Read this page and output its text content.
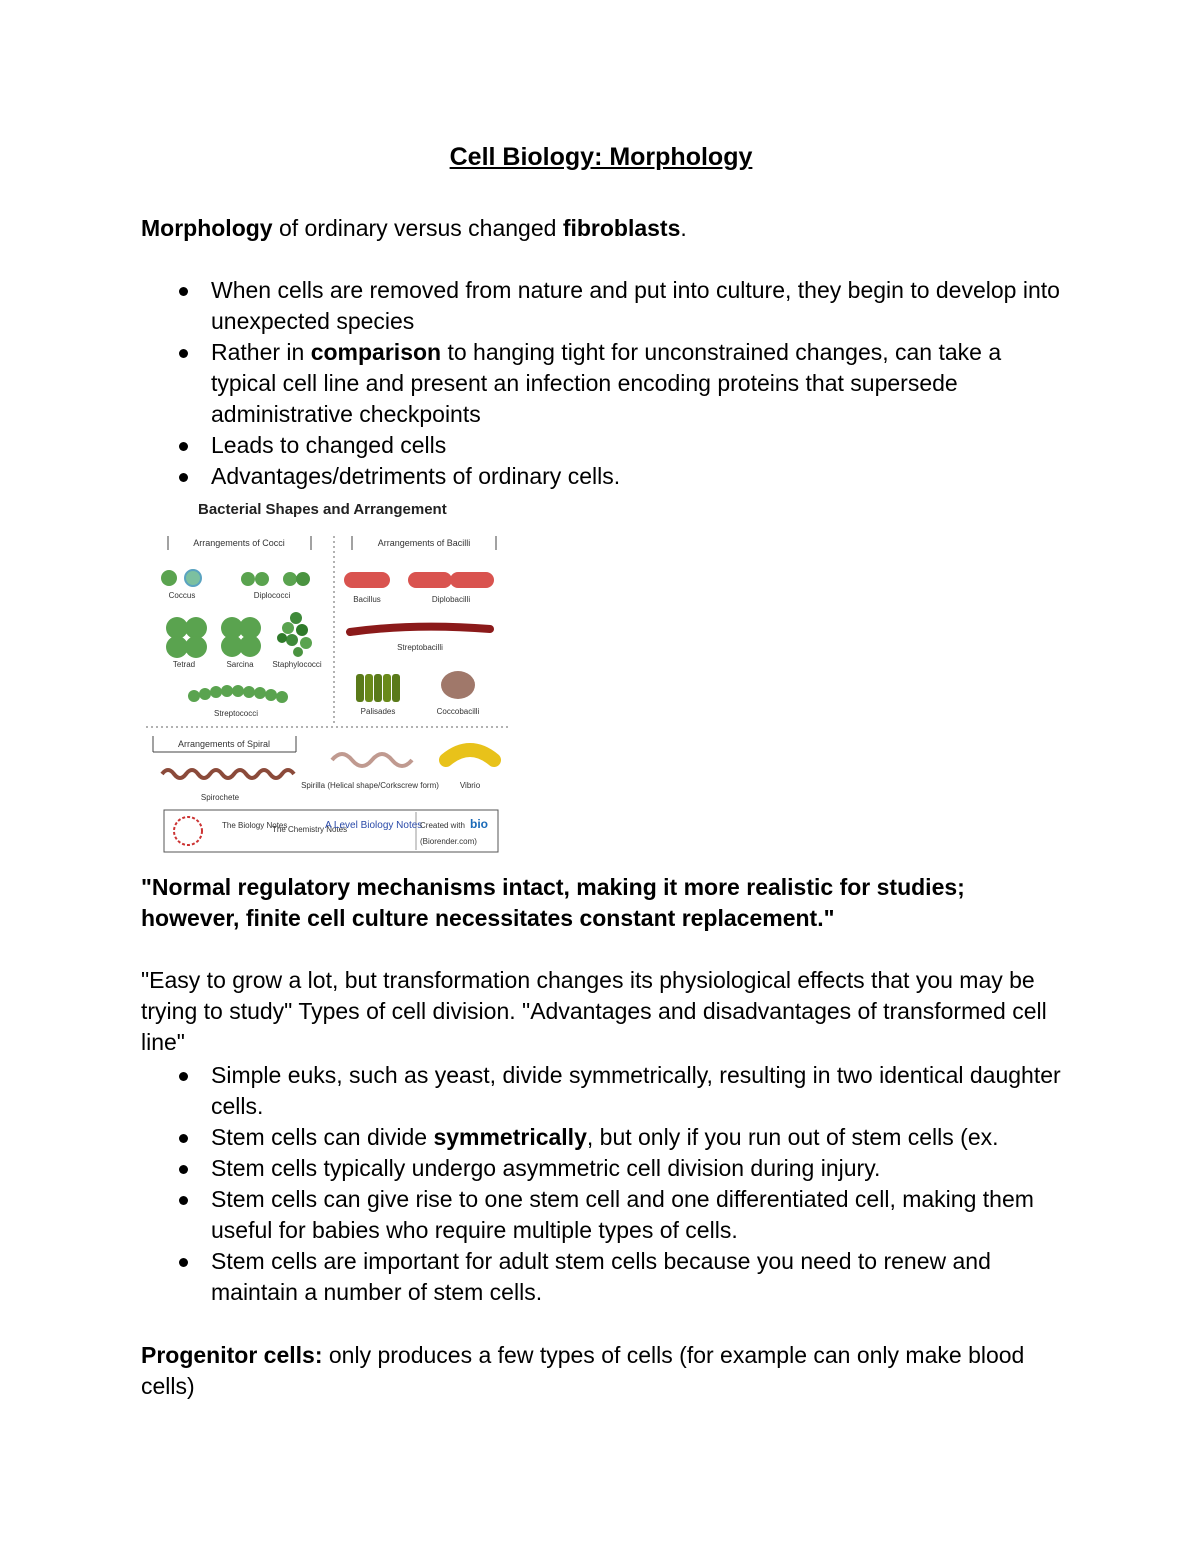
Cell Biology: Morphology

Morphology of ordinary versus changed fibroblasts.

When cells are removed from nature and put into culture, they begin to develop into unexpected species
Rather in comparison to hanging tight for unconstrained changes, can take a typical cell line and present an infection encoding proteins that supersede administrative checkpoints
Leads to changed cells
Advantages/detriments of ordinary cells.
Bacterial Shapes and Arrangement
Arrangements of Cocci	Arrangements of Bacilli
Coccus	Diplococci
Tetrad	Sarcina Staphylococci
Streptococci
Bacillus	Diplobacilli
Streptobacilli
Palisades	Coccobacilli
Arrangements of Spiral
Spirochete
Spirilla (Helical shape/Corkscrew form)	Vibrio
The Biology Notes
The Chemistry Notes
A Level Biology Notes
Created with bio
(Biorender.com)

"Normal regulatory mechanisms intact, making it more realistic for studies; however, finite cell culture necessitates constant replacement."

"Easy to grow a lot, but transformation changes its physiological effects that you may be trying to study" Types of cell division. "Advantages and disadvantages of transformed cell line"

Simple euks, such as yeast, divide symmetrically, resulting in two identical daughter cells.
Stem cells can divide symmetrically, but only if you run out of stem cells (ex.
Stem cells typically undergo asymmetric cell division during injury.
Stem cells can give rise to one stem cell and one differentiated cell, making them useful for babies who require multiple types of cells.
Stem cells are important for adult stem cells because you need to renew and maintain a number of stem cells.

Progenitor cells: only produces a few types of cells (for example can only make blood cells)
